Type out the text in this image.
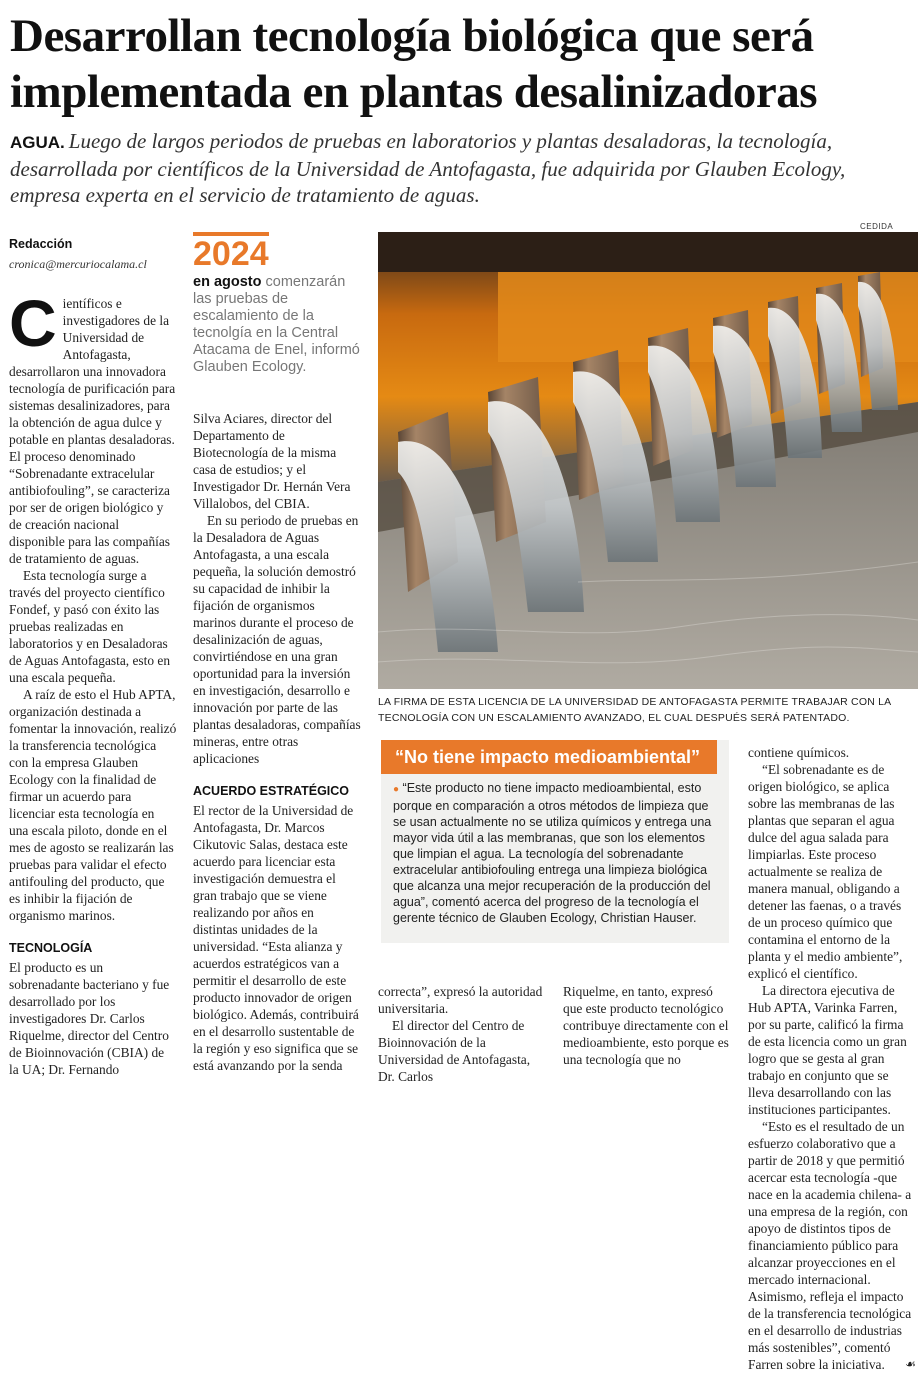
Desarrollan tecnología biológica que será implementada en plantas desalinizadoras
AGUA. Luego de largos periodos de pruebas en laboratorios y plantas desaladoras, la tecnología, desarrollada por científicos de la Universidad de Antofagasta, fue adquirida por Glauben Ecology, empresa experta en el servicio de tratamiento de aguas.
Redacción
cronica@mercuriocalama.cl

Científicos e investigadores de la Universidad de Antofagasta, desarrollaron una innovadora tecnología de purificación para sistemas desalinizadores, para la obtención de agua dulce y potable en plantas desaladoras. El proceso denominado “Sobrenadante extracelular antibiofouling”, se caracteriza por ser de origen biológico y de creación nacional disponible para las compañías de tratamiento de aguas.

Esta tecnología surge a través del proyecto científico Fondef, y pasó con éxito las pruebas realizadas en laboratorios y en Desaladoras de Aguas Antofagasta, esto en una escala pequeña.

A raíz de esto el Hub APTA, organización destinada a fomentar la innovación, realizó la transferencia tecnológica con la empresa Glauben Ecology con la finalidad de firmar un acuerdo para licenciar esta tecnología en una escala piloto, donde en el mes de agosto se realizarán las pruebas para validar el efecto antifouling del producto, que es inhibir la fijación de organismo marinos.

TECNOLOGÍA

El producto es un sobrenadante bacteriano y fue desarrollado por los investigadores Dr. Carlos Riquelme, director del Centro de Bioinnovación (CBIA) de la UA; Dr. Fernando

2024
en agosto comenzarán las pruebas de escalamiento de la tecnolgía en la Central Atacama de Enel, informó Glauben Ecology.

Silva Aciares, director del Departamento de Biotecnología de la misma casa de estudios; y el Investigador Dr. Hernán Vera Villalobos, del CBIA.

En su periodo de pruebas en la Desaladora de Aguas Antofagasta, a una escala pequeña, la solución demostró su capacidad de inhibir la fijación de organismos marinos durante el proceso de desalinización de aguas, convirtiéndose en una gran oportunidad para la inversión en investigación, desarrollo e innovación por parte de las plantas desaladoras, compañías mineras, entre otras aplicaciones

ACUERDO ESTRATÉGICO

El rector de la Universidad de Antofagasta, Dr. Marcos Cikutovic Salas, destaca este acuerdo para licenciar esta investigación demuestra el gran trabajo que se viene realizando por años en distintas unidades de la universidad. “Esta alianza y acuerdos estratégicos van a permitir el desarrollo de este producto innovador de origen biológico. Además, contribuirá en el desarrollo sustentable de la región y eso significa que se está avanzando por la senda

CEDIDA
LA FIRMA DE ESTA LICENCIA DE LA UNIVERSIDAD DE ANTOFAGASTA PERMITE TRABAJAR CON LA TECNOLOGÍA CON UN ESCALAMIENTO AVANZADO, EL CUAL DESPUÉS SERÁ PATENTADO.
“No tiene impacto medioambiental”
● “Este producto no tiene impacto medioambiental, esto porque en comparación a otros métodos de limpieza que se usan actualmente no se utiliza químicos y entrega una mayor vida útil a las membranas, que son los elementos que limpian el agua. La tecnología del sobrenadante extracelular antibiofouling entrega una limpieza biológica que alcanza una mejor recuperación de la producción del agua”, comentó acerca del progreso de la tecnología el gerente técnico de Glauben Ecology, Christian Hauser.

correcta”, expresó la autoridad universitaria.

El director del Centro de Bioinnovación de la Universidad de Antofagasta, Dr. Carlos

Riquelme, en tanto, expresó que este producto tecnológico contribuye directamente con el medioambiente, esto porque es una tecnología que no

contiene químicos.

“El sobrenadante es de origen biológico, se aplica sobre las membranas de las plantas que separan el agua dulce del agua salada para limpiarlas. Este proceso actualmente se realiza de manera manual, obligando a detener las faenas, o a través de un proceso químico que contamina el entorno de la planta y el medio ambiente”, explicó el científico.

La directora ejecutiva de Hub APTA, Varinka Farren, por su parte, calificó la firma de esta licencia como un gran logro que se gesta al gran trabajo en conjunto que se lleva desarrollando con las instituciones participantes.

“Esto es el resultado de un esfuerzo colaborativo que a partir de 2018 y que permitió acercar esta tecnología -que nace en la academia chilena- a una empresa de la región, con apoyo de distintos tipos de financiamiento público para alcanzar proyecciones en el mercado internacional. Asimismo, refleja el impacto de la transferencia tecnológica en el desarrollo de industrias más sostenibles”, comentó Farren sobre la iniciativa.	☙
